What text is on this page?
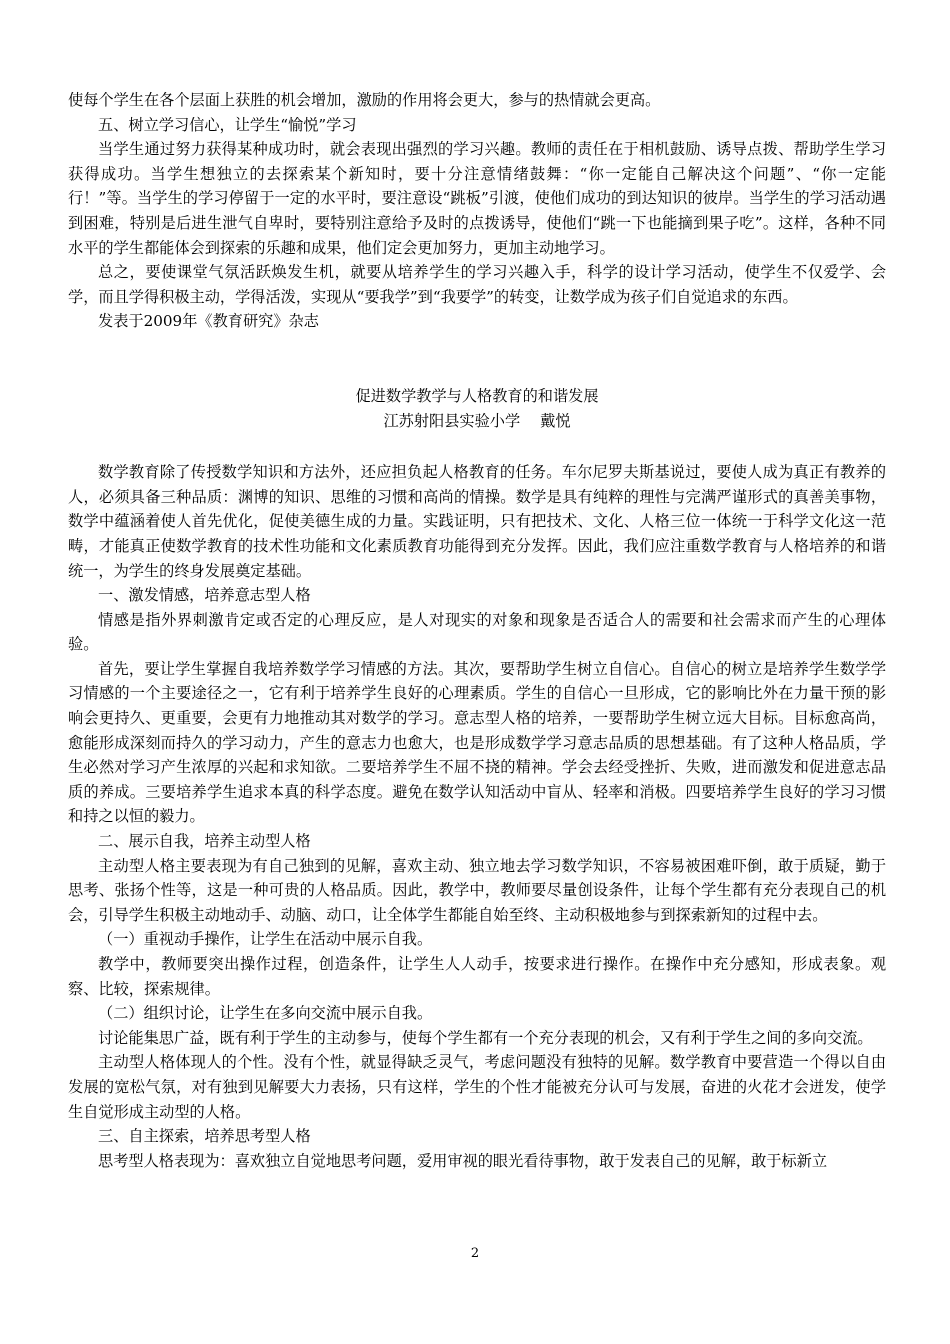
使每个学生在各个层面上获胜的机会增加，激励的作用将会更大，参与的热情就会更高。

五、树立学习信心，让学生“愉悦”学习

当学生通过努力获得某种成功时，就会表现出强烈的学习兴趣。教师的责任在于相机鼓励、诱导点拨、帮助学生学习获得成功。当学生想独立的去探索某个新知时，要十分注意情绪鼓舞：“你一定能自己解决这个问题”、“你一定能行！”等。当学生的学习停留于一定的水平时，要注意设“跳板”引渡，使他们成功的到达知识的彼岸。当学生的学习活动遇到困难，特别是后进生泄气自卑时，要特别注意给予及时的点拨诱导，使他们“跳一下也能摘到果子吃”。这样，各种不同水平的学生都能体会到探索的乐趣和成果，他们定会更加努力，更加主动地学习。

总之，要使课堂气氛活跃焕发生机，就要从培养学生的学习兴趣入手，科学的设计学习活动，使学生不仅爱学、会学，而且学得积极主动，学得活泼，实现从“要我学”到“我要学”的转变，让数学成为孩子们自觉追求的东西。

发表于2009年《教育研究》杂志

促进数学教学与人格教育的和谐发展
江苏射阳县实验小学　 戴悦

数学教育除了传授数学知识和方法外，还应担负起人格教育的任务。车尔尼罗夫斯基说过，要使人成为真正有教养的人，必须具备三种品质：渊博的知识、思维的习惯和高尚的情操。数学是具有纯粹的理性与完满严谨形式的真善美事物，数学中蕴涵着使人首先优化，促使美德生成的力量。实践证明，只有把技术、文化、人格三位一体统一于科学文化这一范畴，才能真正使数学教育的技术性功能和文化素质教育功能得到充分发挥。因此，我们应注重数学教育与人格培养的和谐统一，为学生的终身发展奠定基础。

一、激发情感，培养意志型人格

情感是指外界刺激肯定或否定的心理反应，是人对现实的对象和现象是否适合人的需要和社会需求而产生的心理体验。

首先，要让学生掌握自我培养数学学习情感的方法。其次，要帮助学生树立自信心。自信心的树立是培养学生数学学习情感的一个主要途径之一，它有利于培养学生良好的心理素质。学生的自信心一旦形成，它的影响比外在力量干预的影响会更持久、更重要，会更有力地推动其对数学的学习。意志型人格的培养，一要帮助学生树立远大目标。目标愈高尚，愈能形成深刻而持久的学习动力，产生的意志力也愈大，也是形成数学学习意志品质的思想基础。有了这种人格品质，学生必然对学习产生浓厚的兴起和求知欲。二要培养学生不屈不挠的精神。学会去经受挫折、失败，进而激发和促进意志品质的养成。三要培养学生追求本真的科学态度。避免在数学认知活动中盲从、轻率和消极。四要培养学生良好的学习习惯和持之以恒的毅力。

二、展示自我，培养主动型人格

主动型人格主要表现为有自己独到的见解，喜欢主动、独立地去学习数学知识，不容易被困难吓倒，敢于质疑，勤于思考、张扬个性等，这是一种可贵的人格品质。因此，教学中，教师要尽量创设条件，让每个学生都有充分表现自己的机会，引导学生积极主动地动手、动脑、动口，让全体学生都能自始至终、主动积极地参与到探索新知的过程中去。

（一）重视动手操作，让学生在活动中展示自我。

教学中，教师要突出操作过程，创造条件，让学生人人动手，按要求进行操作。在操作中充分感知，形成表象。观察、比较，探索规律。

（二）组织讨论，让学生在多向交流中展示自我。

讨论能集思广益，既有利于学生的主动参与，使每个学生都有一个充分表现的机会，又有利于学生之间的多向交流。

主动型人格体现人的个性。没有个性，就显得缺乏灵气，考虑问题没有独特的见解。数学教育中要营造一个得以自由发展的宽松气氛，对有独到见解要大力表扬，只有这样，学生的个性才能被充分认可与发展，奋进的火花才会迸发，使学生自觉形成主动型的人格。

三、自主探索，培养思考型人格

思考型人格表现为：喜欢独立自觉地思考问题，爱用审视的眼光看待事物，敢于发表自己的见解，敢于标新立

2
